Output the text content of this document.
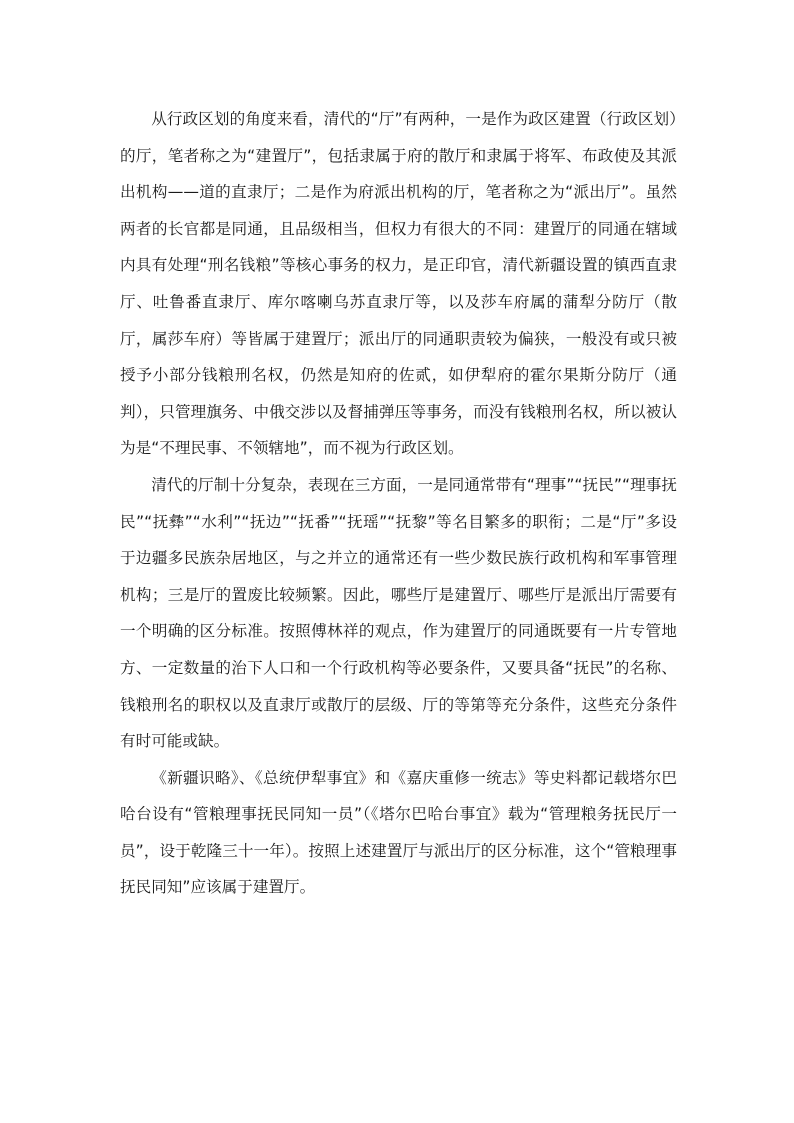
从行政区划的角度来看，清代的“厅”有两种，一是作为政区建置（行政区划）的厅，笔者称之为“建置厅”，包括隶属于府的散厅和隶属于将军、布政使及其派出机构——道的直隶厅；二是作为府派出机构的厅，笔者称之为“派出厅”。虽然两者的长官都是同通，且品级相当，但权力有很大的不同：建置厅的同通在辖域内具有处理“刑名钱粮”等核心事务的权力，是正印官，清代新疆设置的镇西直隶厅、吐鲁番直隶厅、库尔喀喇乌苏直隶厅等，以及莎车府属的蒲犁分防厅（散厅，属莎车府）等皆属于建置厅；派出厅的同通职责较为偏狭，一般没有或只被授予小部分钱粮刑名权，仍然是知府的佐贰，如伊犁府的霍尔果斯分防厅（通判），只管理旗务、中俄交涉以及督捕弹压等事务，而没有钱粮刑名权，所以被认为是“不理民事、不领辖地”，而不视为行政区划。

清代的厅制十分复杂，表现在三方面，一是同通常带有“理事”“抚民”“理事抚民”“抚彝”“水利”“抚边”“抚番”“抚瑶”“抚黎”等名目繁多的职衔；二是“厅”多设于边疆多民族杂居地区，与之并立的通常还有一些少数民族行政机构和军事管理机构；三是厅的置废比较频繁。因此，哪些厅是建置厅、哪些厅是派出厅需要有一个明确的区分标准。按照傅林祥的观点，作为建置厅的同通既要有一片专管地方、一定数量的治下人口和一个行政机构等必要条件，又要具备“抚民”的名称、钱粮刑名的职权以及直隶厅或散厅的层级、厅的等第等充分条件，这些充分条件有时可能或缺。

《新疆识略》、《总统伊犁事宜》和《嘉庆重修一统志》等史料都记载塔尔巴哈台设有“管粮理事抚民同知一员”（《塔尔巴哈台事宜》载为“管理粮务抚民厅一员”，设于乾隆三十一年）。按照上述建置厅与派出厅的区分标准，这个“管粮理事抚民同知”应该属于建置厅。
